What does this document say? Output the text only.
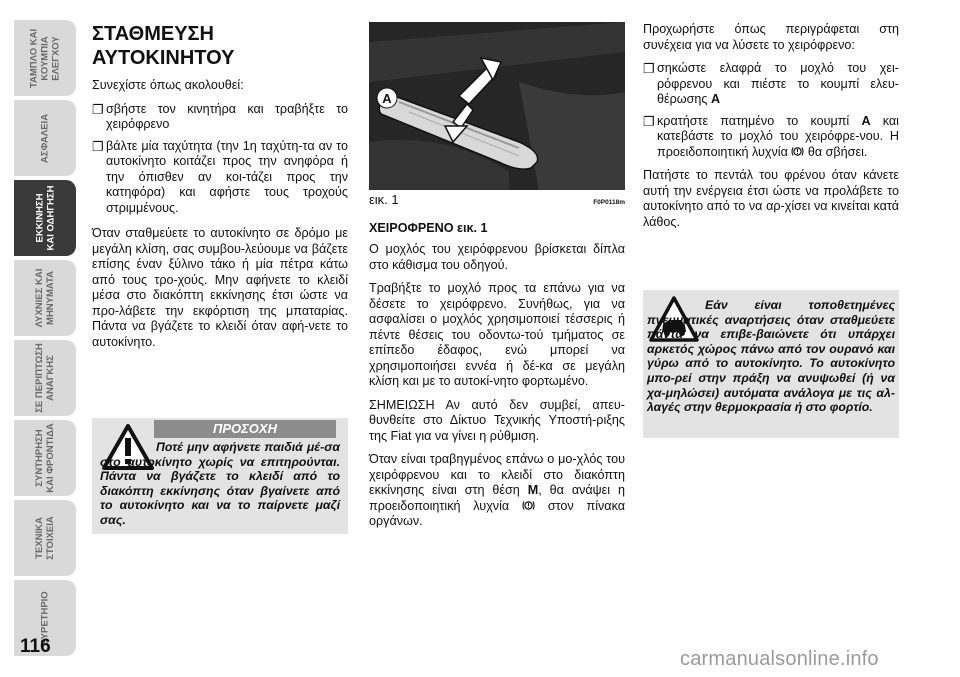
ΤΑΜΠΛΟ ΚΑΙ
ΚΟΥΜΠΙΑ
ΕΛΕΓΧΟΥ
ΑΣΦΑΛΕΙΑ
ΕΚΚΙΝΗΣΗ
ΚΑΙ ΟΔΗΓΗΣΗ
ΛΥΧΝΙΕΣ ΚΑΙ
ΜΗΝΥΜΑΤΑ
ΣΕ ΠΕΡΙΠΤΩΣΗ
ΑΝΑΓΚΗΣ
ΣΥΝΤΗΡΗΣΗ
ΚΑΙ ΦΡΟΝΤΙΔΑ
ΤΕΧΝΙΚΑ
ΣΤΟΙΧΕΙΑ
ΕΥΡΕΤΗΡΙΟ
116
ΣΤΑΘΜΕΥΣΗ
ΑΥΤΟΚΙΝΗΤΟΥ

Συνεχίστε όπως ακολουθεί:

❐ σβήστε τον κινητήρα και τραβήξτε το χειρόφρενο
❐ βάλτε μία ταχύτητα (την 1η ταχύτη-τα αν το αυτοκίνητο κοιτάζει προς την ανηφόρα ή την όπισθεν αν κοι-τάζει προς την κατηφόρα) και αφήστε τους τροχούς στριμμένους.

Όταν σταθμεύετε το αυτοκίνητο σε δρόμο με μεγάλη κλίση, σας συμβου-λεύουμε να βάζετε επίσης έναν ξύλινο τάκο ή μία πέτρα κάτω από τους τρο-χούς. Μην αφήνετε το κλειδί μέσα στο διακόπτη εκκίνησης έτσι ώστε να προ-λάβετε την εκφόρτιση της μπαταρίας. Πάντα να βγάζετε το κλειδί όταν αφή-νετε το αυτοκίνητο.

ΠΡΟΣΟΧΗ
Ποτέ μην αφήνετε παιδιά μέ-σα στο αυτοκίνητο χωρίς να επιτηρούνται. Πάντα να βγάζετε το κλειδί από το διακόπτη εκκίνησης όταν βγαίνετε από το αυτοκίνητο και να το παίρνετε μαζί σας.
A
εικ. 1	F0P0118m
ΧΕΙΡΟΦΡΕΝΟ εικ. 1

Ο μοχλός του χειρόφρενου βρίσκεται δίπλα στο κάθισμα του οδηγού.

Τραβήξτε το μοχλό προς τα επάνω για να δέσετε το χειρόφρενο. Συνήθως, για να ασφαλίσει ο μοχλός χρησιμοποιεί τέσσερις ή πέντε θέσεις του οδοντω-τού τμήματος σε επίπεδο έδαφος, ενώ μπορεί να χρησιμοποιήσει εννέα ή δέ-κα σε μεγάλη κλίση και με το αυτοκί-νητο φορτωμένο.

ΣΗΜΕΙΩΣΗ Αν αυτό δεν συμβεί, απευ-θυνθείτε στο Δίκτυο Τεχνικής Υποστή-ριξης της Fiat για να γίνει η ρύθμιση.

Όταν είναι τραβηγμένος επάνω ο μο-χλός του χειρόφρενου και το κλειδί στο διακόπτη εκκίνησης είναι στη θέση M, θα ανάψει η προειδοποιητική λυχνία  στον πίνακα οργάνων.

Προχωρήστε όπως περιγράφεται στη συνέχεια για να λύσετε το χειρόφρενο:

❐ σηκώστε ελαφρά το μοχλό του χει-ρόφρενου και πιέστε το κουμπί ελευ-θέρωσης A
❐ κρατήστε πατημένο το κουμπί A και κατεβάστε το μοχλό του χειρόφρε-νου. Η προειδοποιητική λυχνία  θα σβήσει.

Πατήστε το πεντάλ του φρένου όταν κάνετε αυτή την ενέργεια έτσι ώστε να προλάβετε το αυτοκίνητο από το να αρ-χίσει να κινείται κατά λάθος.

Εάν είναι τοποθετημένες πνευματικές αναρτήσεις όταν σταθμεύετε πάντα να επιβε-βαιώνετε ότι υπάρχει αρκετός χώρος πάνω από τον ουρανό και γύρω από το αυτοκίνητο. Το αυτοκίνητο μπο-ρεί στην πράξη να ανυψωθεί (ή να χα-μηλώσει) αυτόματα ανάλογα με τις αλ-λαγές στην θερμοκρασία ή στο φορτίο.
carmanualsonline.info
